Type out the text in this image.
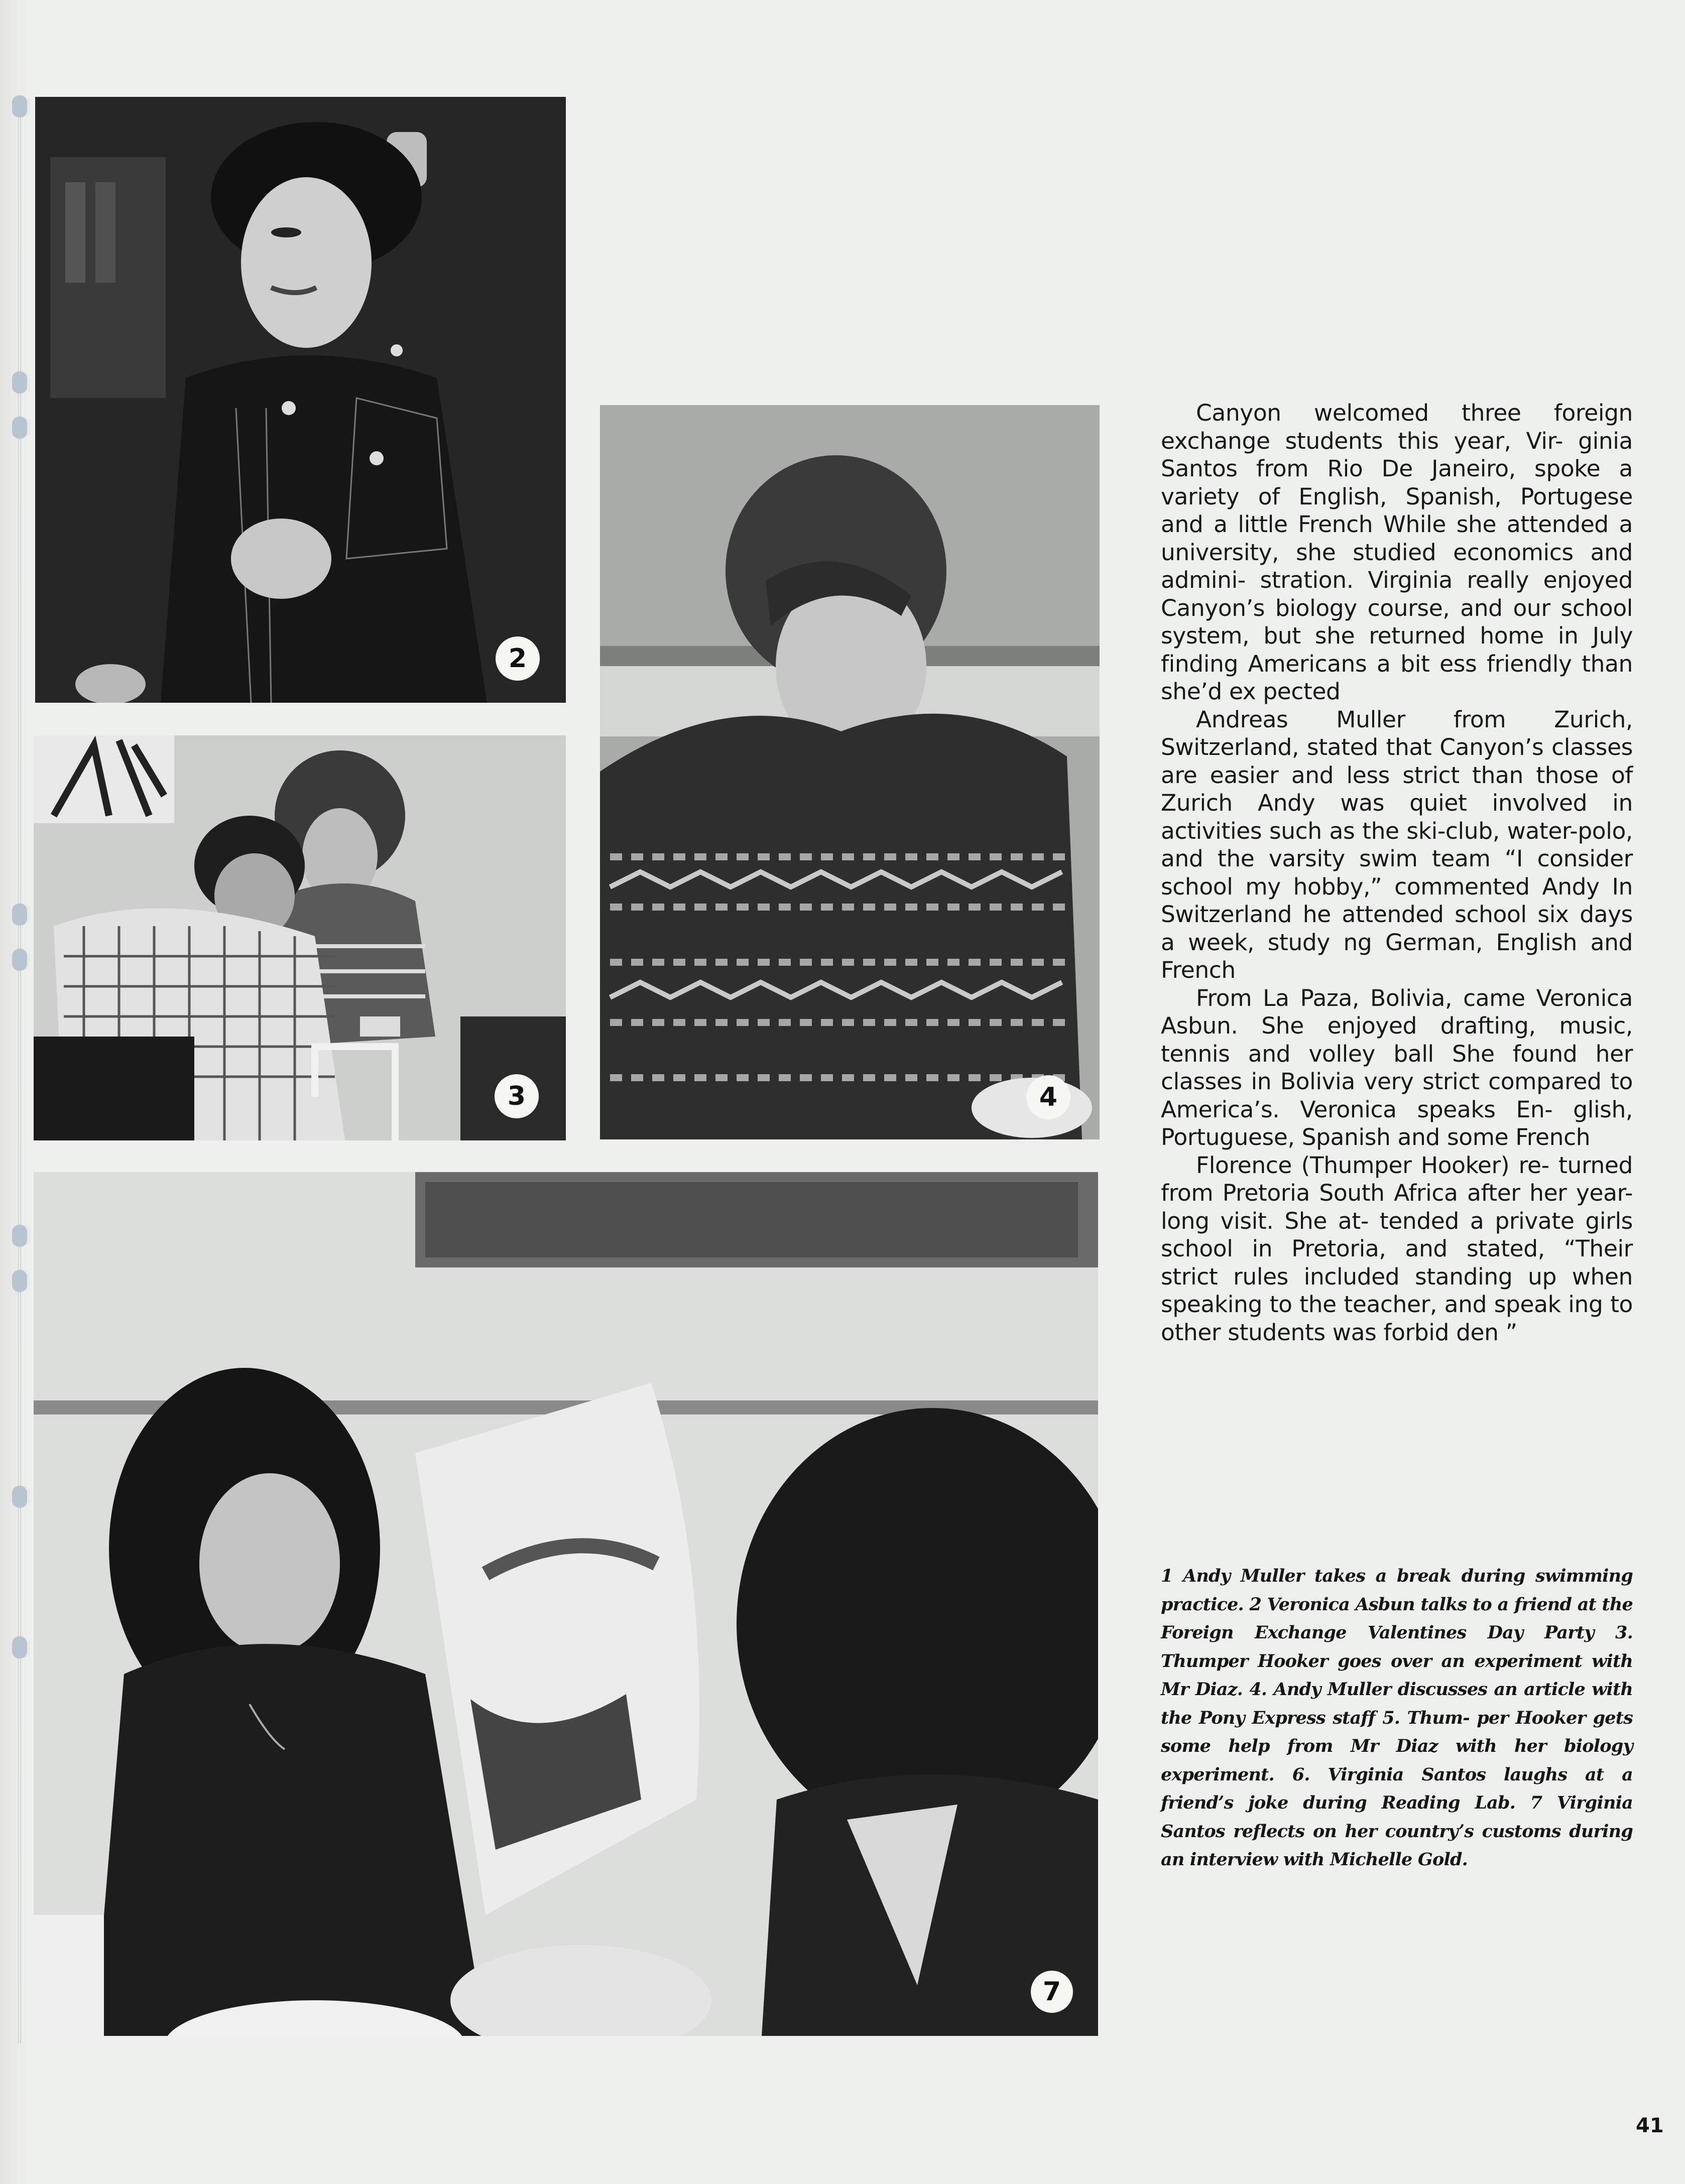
2
3	4
7

Canyon welcomed three foreign exchange students this year, Vir- ginia Santos from Rio De Janeiro, spoke a variety of English, Spanish, Portugese and a little French While she attended a university, she studied economics and admini- stration. Virginia really enjoyed Canyon’s biology course, and our school system, but she returned home in July finding Americans a bit ess friendly than she’d ex pected

Andreas Muller from Zurich, Switzerland, stated that Canyon’s classes are easier and less strict than those of Zurich Andy was quiet involved in activities such as the ski-club, water-polo, and the varsity swim team “I consider school my hobby,” commented Andy In Switzerland he attended school six days a week, study ng German, English and French

From La Paza, Bolivia, came Veronica Asbun. She enjoyed drafting, music, tennis and volley ball She found her classes in Bolivia very strict compared to America’s. Veronica speaks En- glish, Portuguese, Spanish and some French

Florence (Thumper Hooker) re- turned from Pretoria South Africa after her year-long visit. She at- tended a private girls school in Pretoria, and stated, “Their strict rules included standing up when speaking to the teacher, and speak ing to other students was forbid den ”

1 Andy Muller takes a break during swimming practice. 2 Veronica Asbun talks to a friend at the Foreign Exchange Valentines Day Party 3. Thumper Hooker goes over an experiment with Mr Diaz. 4. Andy Muller discusses an article with the Pony Express staff 5. Thum- per Hooker gets some help from Mr Diaz with her biology experiment. 6. Virginia Santos laughs at a friend’s joke during Reading Lab. 7 Virginia Santos reflects on her country’s customs during an interview with Michelle Gold.
41
